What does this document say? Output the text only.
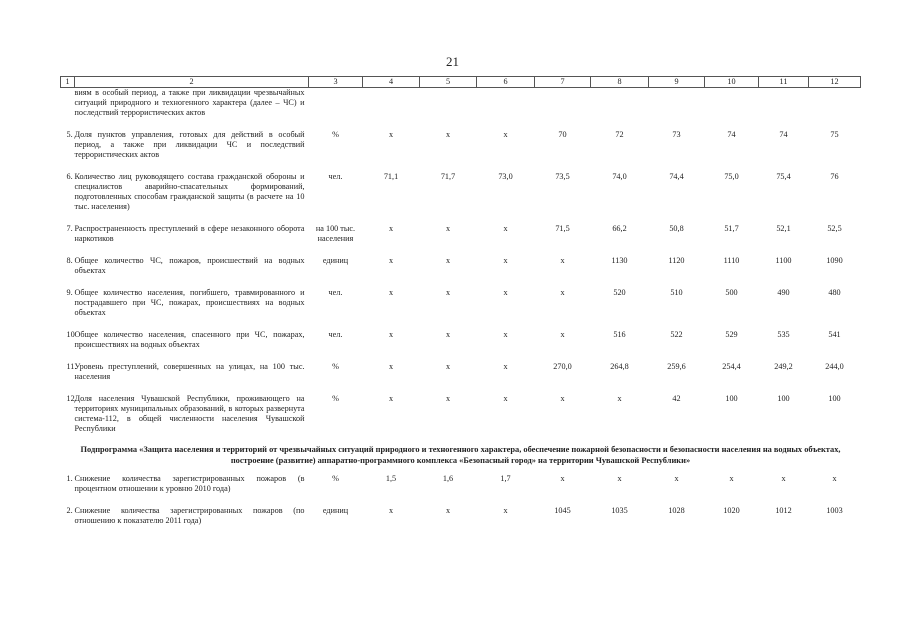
21
1	2	3	4	5	6	7	8	9	10	11	12
	виям в особый период, а также при ликвидации чрезвычайных ситуаций природного и техногенного характера (далее – ЧС) и последствий террористических актов										

5.	Доля пунктов управления, готовых для действий в особый период, а также при ликвидации ЧС и последствий террористических актов	%	x	x	x	70	72	73	74	74	75

6.	Количество лиц руководящего состава гражданской обороны и специалистов аварийно-спасательных формирований, подготовленных способам гражданской защиты (в расчете на 10 тыс. населения)	чел.	71,1	71,7	73,0	73,5	74,0	74,4	75,0	75,4	76

7.	Распространенность преступлений в сфере незаконного оборота наркотиков	на 100 тыс. населения	x	x	x	71,5	66,2	50,8	51,7	52,1	52,5

8.	Общее количество ЧС, пожаров, происшествий на водных объектах	единиц	x	x	x	x	1130	1120	1110	1100	1090

9.	Общее количество населения, погибшего, травмированного и пострадавшего при ЧС, пожарах, происшествиях на водных объектах	чел.	x	x	x	x	520	510	500	490	480

10	Общее количество населения, спасенного при ЧС, пожарах, происшествиях на водных объектах	чел.	x	x	x	x	516	522	529	535	541

11.	Уровень преступлений, совершенных на улицах, на 100 тыс. населения	%	x	x	x	270,0	264,8	259,6	254,4	249,2	244,0

12.	Доля населения Чувашской Республики, проживающего на территориях муниципальных образований, в которых развернута система-112, в общей численности населения Чувашской Республики	%	x	x	x	x	x	42	100	100	100
Подпрограмма «Защита населения и территорий от чрезвычайных ситуаций природного и техногенного характера, обеспечение пожарной безопасности и безопасности населения на водных объектах, построение (развитие) аппаратно-программного комплекса «Безопасный город» на территории Чувашской Республики»											
1.	Снижение количества зарегистрированных пожаров (в процентном отношении к уровню 2010 года)	%	1,5	1,6	1,7	x	x	x	x	x	x

2.	Снижение количества зарегистрированных пожаров (по отношению к показателю 2011 года)	единиц	x	x	x	1045	1035	1028	1020	1012	1003
